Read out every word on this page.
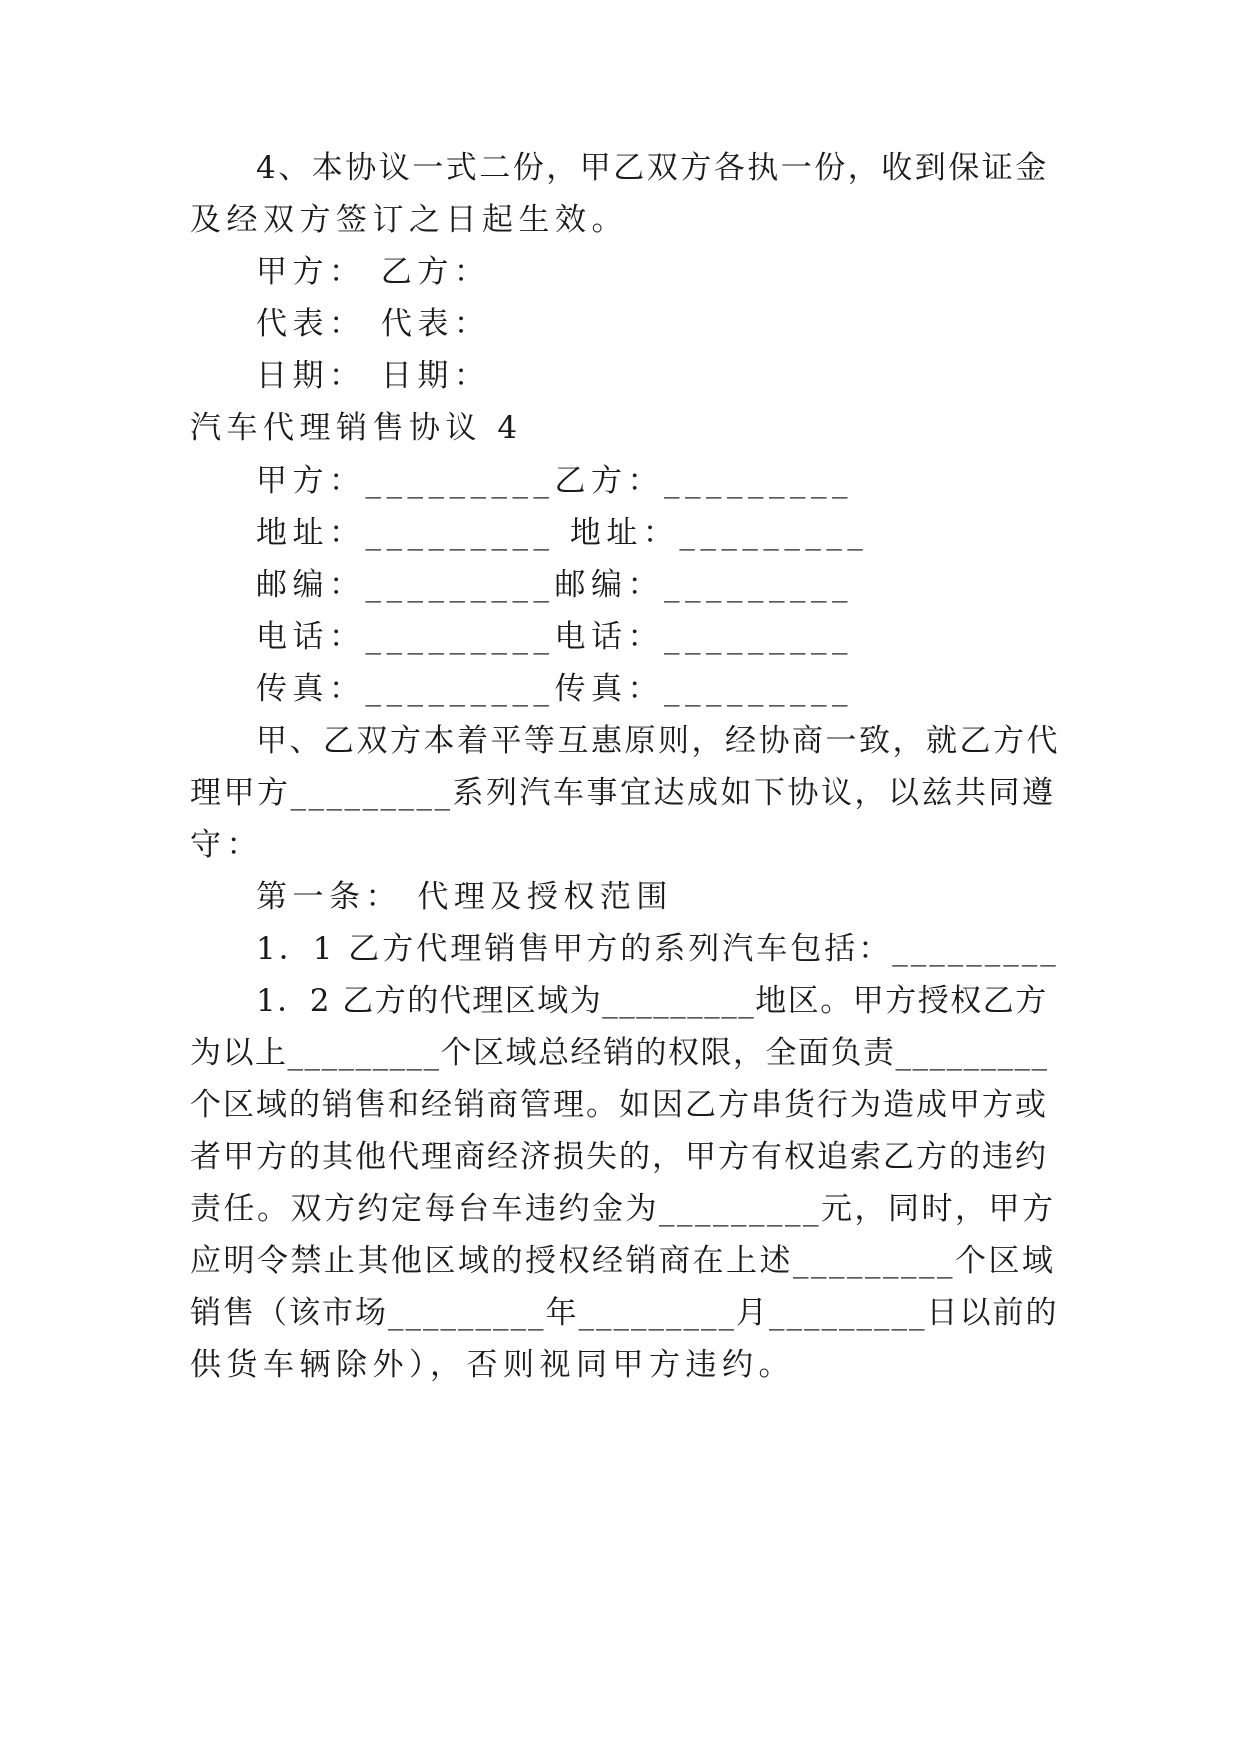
4、本协议一式二份，甲乙双方各执一份，收到保证金
及经双方签订之日起生效。
甲方： 乙方：
代表： 代表：
日期： 日期：
汽车代理销售协议 4
甲方：_________乙方：_________
地址：_________ 地址：_________
邮编：_________邮编：_________
电话：_________电话：_________
传真：_________传真：_________
甲、乙双方本着平等互惠原则，经协商一致，就乙方代
理甲方_________系列汽车事宜达成如下协议，以兹共同遵
守：
第一条： 代理及授权范围
1．1 乙方代理销售甲方的系列汽车包括：_________
1．2 乙方的代理区域为_________地区。甲方授权乙方
为以上_________个区域总经销的权限，全面负责_________
个区域的销售和经销商管理。如因乙方串货行为造成甲方或
者甲方的其他代理商经济损失的，甲方有权追索乙方的违约
责任。双方约定每台车违约金为_________元，同时，甲方
应明令禁止其他区域的授权经销商在上述_________个区域
销售（该市场_________年_________月_________日以前的
供货车辆除外），否则视同甲方违约。
